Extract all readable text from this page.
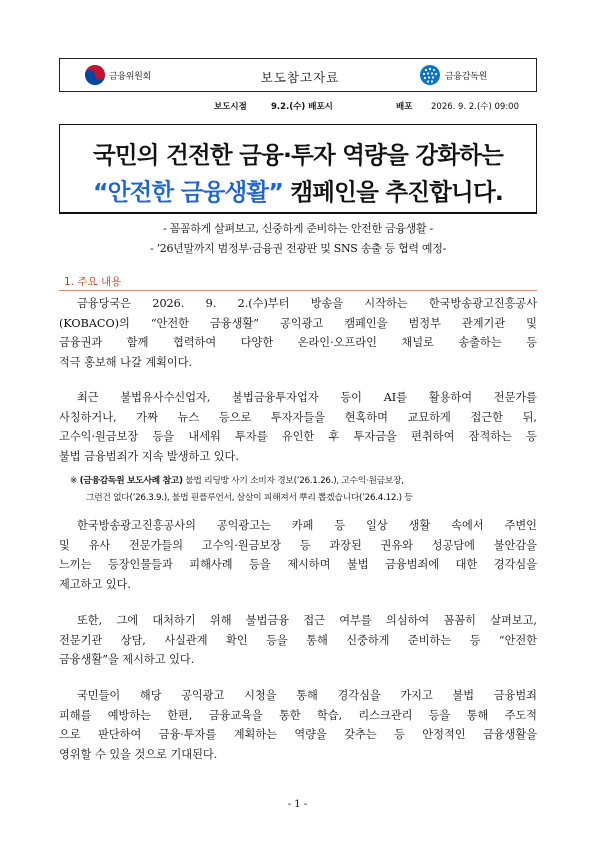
금융위원회	보도참고자료	금융감독원
보도시점	9.2.(수) 배포시	배포 2026. 9. 2.(수) 09:00
국민의 건전한 금융·투자 역량을 강화하는
“안전한 금융생활” 캠페인을 추진합니다.
- 꼼꼼하게 살펴보고, 신중하게 준비하는 안전한 금융생활 -
- ’26년말까지 범정부·금융권 전광판 및 SNS 송출 등 협력 예정-
1. 주요 내용
금융당국은 2026. 9. 2.(수)부터 방송을 시작하는 한국방송광고진흥공사
(KOBACO)의 “안전한 금융생활” 공익광고 캠페인을 범정부 관계기관 및
금융권과 함께 협력하여 다양한 온라인·오프라인 채널로 송출하는 등
적극 홍보해 나갈 계획이다.
최근 불법유사수신업자, 불법금융투자업자 등이 AI를 활용하여 전문가를
사칭하거나, 가짜 뉴스 등으로 투자자들을 현혹하며 교묘하게 접근한 뒤,
고수익·원금보장 등을 내세워 투자를 유인한 후 투자금을 편취하여 잠적하는 등
불법 금융범죄가 지속 발생하고 있다.
※ (금융감독원 보도사례 참고) 불법 리딩방 사기 소비자 경보(’26.1.26.), 고수익·원금보장,
그런건 없다(’26.3.9.), 불법 핀플루언서, 살살이 피해져서 뿌리 뽑겠습니다(’26.4.12.) 등
한국방송광고진흥공사의 공익광고는 카페 등 일상 생활 속에서 주변인
및 유사 전문가들의 고수익·원금보장 등 과장된 권유와 성공담에 불안감을
느끼는 등장인물들과 피해사례 등을 제시하며 불법 금융범죄에 대한 경각심을
제고하고 있다.
또한, 그에 대처하기 위해 불법금융 접근 여부를 의심하여 꼼꼼히 살펴보고,
전문기관 상담, 사실관계 확인 등을 통해 신중하게 준비하는 등 “안전한
금융생활”을 제시하고 있다.
국민들이 해당 공익광고 시청을 통해 경각심을 가지고 불법 금융범죄
피해를 예방하는 한편, 금융교육을 통한 학습, 리스크관리 등을 통해 주도적
으로 판단하여 금융·투자를 계획하는 역량을 갖추는 등 안정적인 금융생활을
영위할 수 있을 것으로 기대된다.
- 1 -
